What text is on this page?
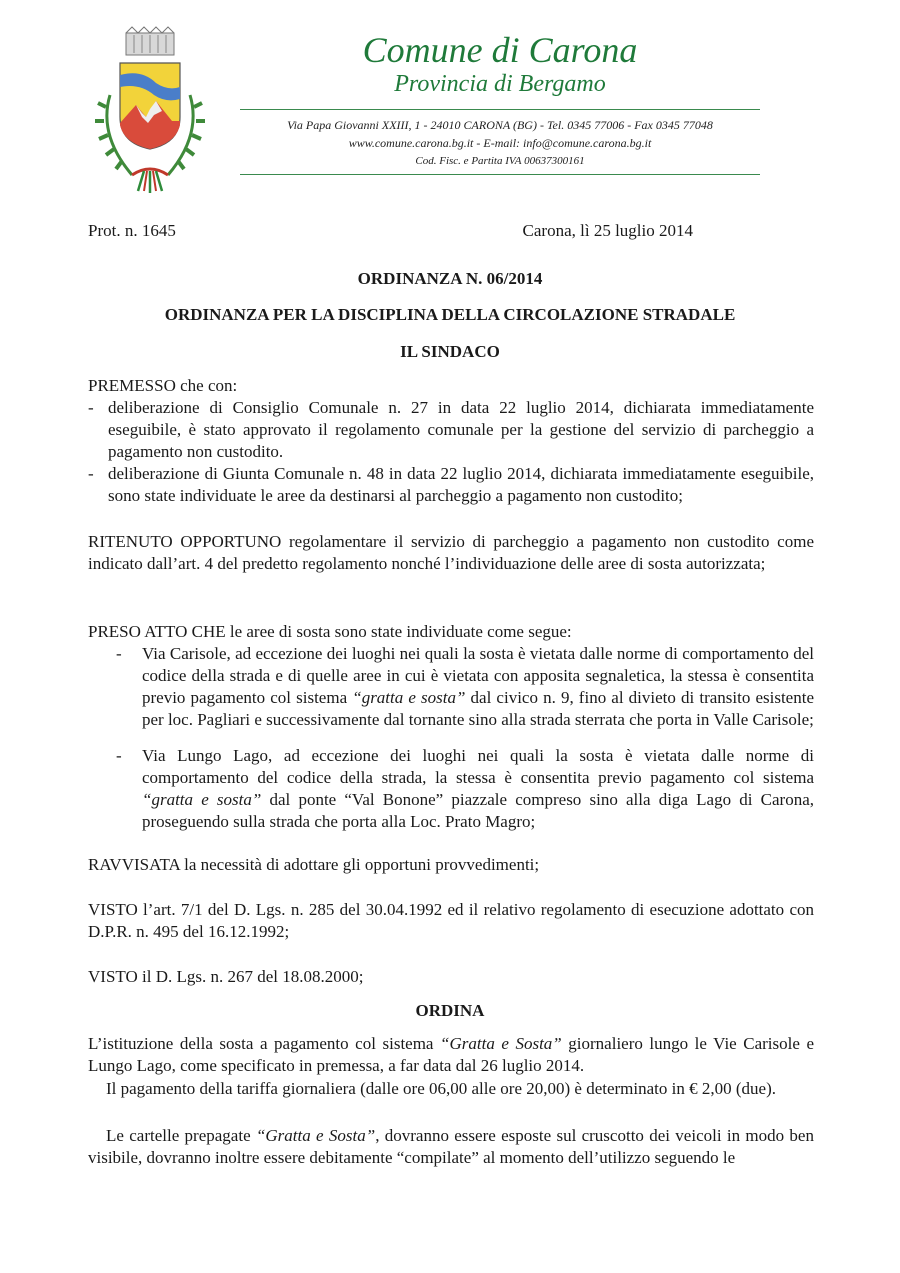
Comune di Carona
Provincia di Bergamo
Via Papa Giovanni XXIII, 1 - 24010 CARONA (BG) - Tel. 0345 77006 - Fax 0345 77048
www.comune.carona.bg.it - E-mail: info@comune.carona.bg.it
Cod. Fisc. e Partita IVA 00637300161
Prot. n. 1645	Carona, lì 25 luglio 2014
ORDINANZA N. 06/2014
ORDINANZA PER LA DISCIPLINA DELLA CIRCOLAZIONE STRADALE
IL SINDACO
PREMESSO che con:
- deliberazione di Consiglio Comunale n. 27 in data 22 luglio 2014, dichiarata immediatamente eseguibile, è stato approvato il regolamento comunale per la gestione del servizio di parcheggio a pagamento non custodito.
- deliberazione di Giunta Comunale n. 48 in data 22 luglio 2014, dichiarata immediatamente eseguibile, sono state individuate le aree da destinarsi al parcheggio a pagamento non custodito;
RITENUTO OPPORTUNO regolamentare il servizio di parcheggio a pagamento non custodito come indicato dall’art. 4 del predetto regolamento nonché l’individuazione delle aree di sosta autorizzata;
PRESO ATTO CHE le aree di sosta sono state individuate come segue:
- Via Carisole, ad eccezione dei luoghi nei quali la sosta è vietata dalle norme di comportamento del codice della strada e di quelle aree in cui è vietata con apposita segnaletica, la stessa è consentita previo pagamento col sistema “gratta e sosta” dal civico n. 9, fino al divieto di transito esistente per loc. Pagliari e successivamente dal tornante sino alla strada sterrata che porta in Valle Carisole;
- Via Lungo Lago, ad eccezione dei luoghi nei quali la sosta è vietata dalle norme di comportamento del codice della strada, la stessa è consentita previo pagamento col sistema “gratta e sosta” dal ponte “Val Bonone” piazzale compreso sino alla diga Lago di Carona, proseguendo sulla strada che porta alla Loc. Prato Magro;
RAVVISATA la necessità di adottare gli opportuni provvedimenti;
VISTO l’art. 7/1 del D. Lgs. n. 285 del 30.04.1992 ed il relativo regolamento di esecuzione adottato con D.P.R. n. 495 del 16.12.1992;
VISTO il D. Lgs. n. 267 del 18.08.2000;
ORDINA
L’istituzione della sosta a pagamento col sistema “Gratta e Sosta” giornaliero lungo le Vie Carisole e Lungo Lago, come specificato in premessa, a far data dal 26 luglio 2014.
Il pagamento della tariffa giornaliera (dalle ore 06,00 alle ore 20,00) è determinato in € 2,00 (due).
Le cartelle prepagate “Gratta e Sosta”, dovranno essere esposte sul cruscotto dei veicoli in modo ben visibile, dovranno inoltre essere debitamente “compilate” al momento dell’utilizzo seguendo le
